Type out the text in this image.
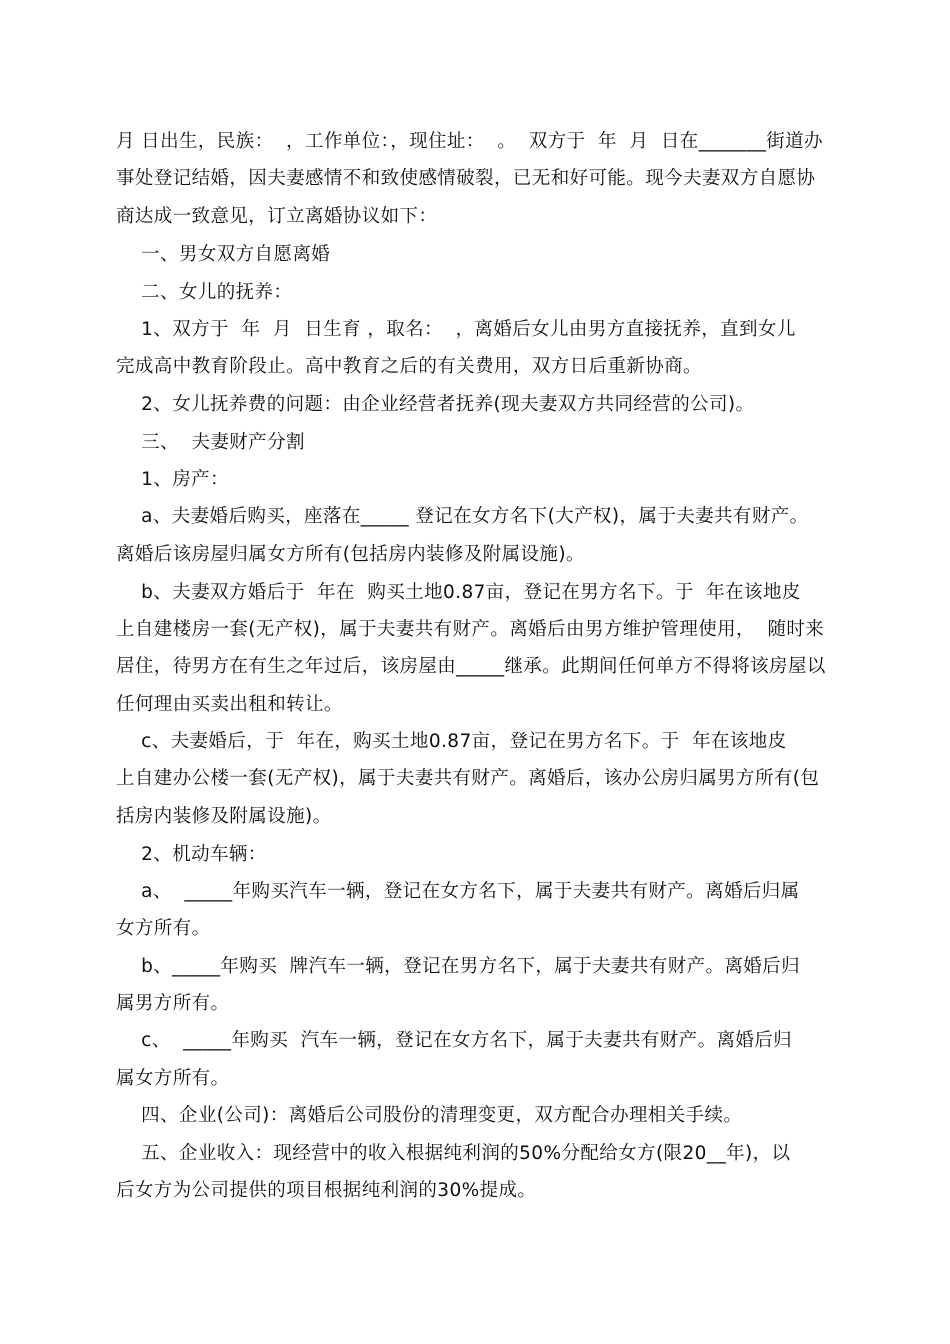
月 日出生，民族：  ，工作单位：，现住址：  。  双方于  年  月  日在_______街道办
事处登记结婚，因夫妻感情不和致使感情破裂，已无和好可能。现今夫妻双方自愿协
商达成一致意见，订立离婚协议如下：
一、男女双方自愿离婚
二、女儿的抚养：
1、双方于  年  月  日生育 ，取名：  ，离婚后女儿由男方直接抚养，直到女儿
完成高中教育阶段止。高中教育之后的有关费用，双方日后重新协商。
2、女儿抚养费的问题：由企业经营者抚养(现夫妻双方共同经营的公司)。
三、  夫妻财产分割
1、房产：
a、夫妻婚后购买，座落在_____ 登记在女方名下(大产权)，属于夫妻共有财产。
离婚后该房屋归属女方所有(包括房内装修及附属设施)。
b、夫妻双方婚后于  年在  购买土地0.87亩，登记在男方名下。于  年在该地皮
上自建楼房一套(无产权)，属于夫妻共有财产。离婚后由男方维护管理使用，  随时来
居住，待男方在有生之年过后，该房屋由_____继承。此期间任何单方不得将该房屋以
任何理由买卖出租和转让。
c、夫妻婚后，于  年在，购买土地0.87亩，登记在男方名下。于  年在该地皮
上自建办公楼一套(无产权)，属于夫妻共有财产。离婚后，该办公房归属男方所有(包
括房内装修及附属设施)。
2、机动车辆：
a、  _____年购买汽车一辆，登记在女方名下，属于夫妻共有财产。离婚后归属
女方所有。
b、_____年购买  牌汽车一辆，登记在男方名下，属于夫妻共有财产。离婚后归
属男方所有。
c、  _____年购买  汽车一辆，登记在女方名下，属于夫妻共有财产。离婚后归
属女方所有。
四、企业(公司)：离婚后公司股份的清理变更，双方配合办理相关手续。
五、企业收入：现经营中的收入根据纯利润的50%分配给女方(限20__年)，以
后女方为公司提供的项目根据纯利润的30%提成。
